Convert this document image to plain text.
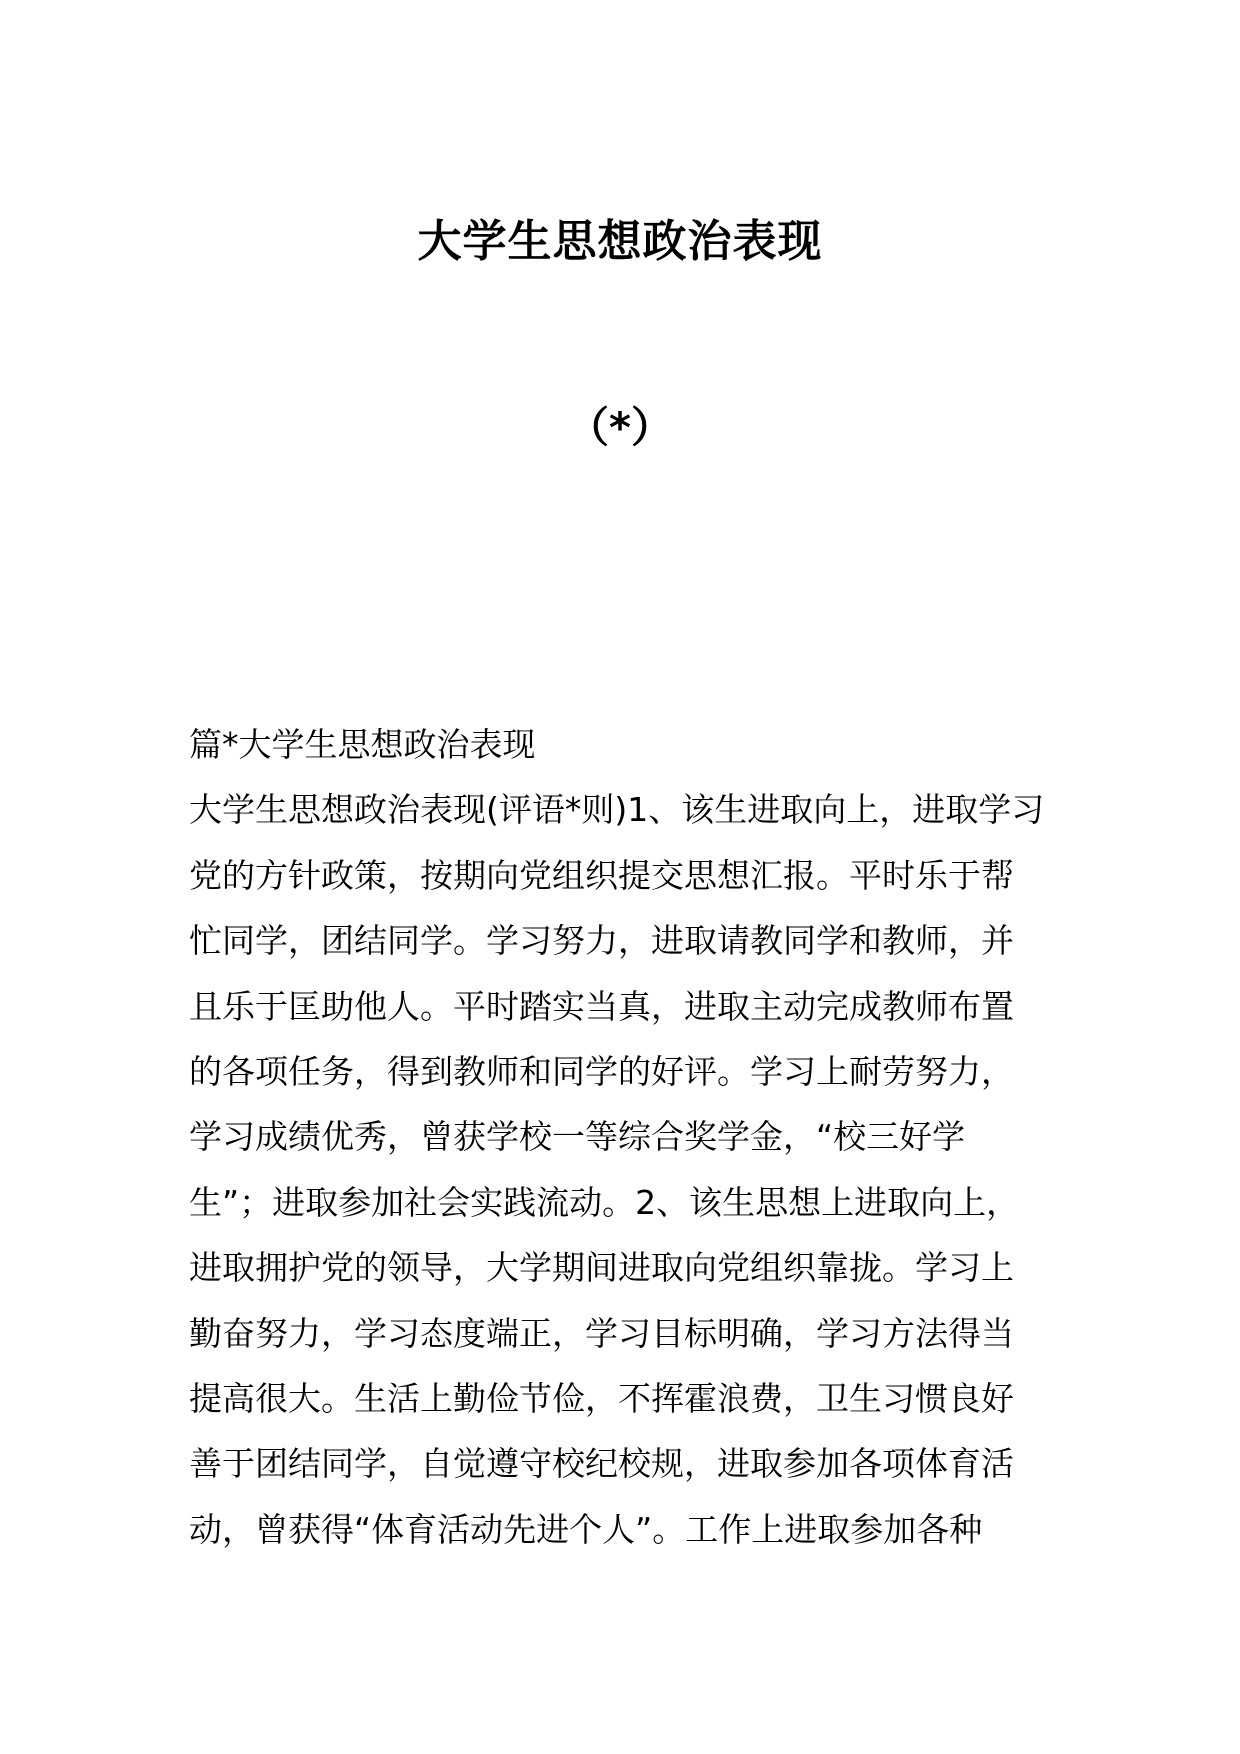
大学生思想政治表现
（*）
篇*大学生思想政治表现
大学生思想政治表现(评语*则)1、该生进取向上，进取学习
党的方针政策，按期向党组织提交思想汇报。平时乐于帮
忙同学，团结同学。学习努力，进取请教同学和教师，并
且乐于匡助他人。平时踏实当真，进取主动完成教师布置
的各项任务，得到教师和同学的好评。学习上耐劳努力，
学习成绩优秀，曾获学校一等综合奖学金，“校三好学
生”；进取参加社会实践流动。2、该生思想上进取向上，
进取拥护党的领导，大学期间进取向党组织靠拢。学习上
勤奋努力，学习态度端正，学习目标明确，学习方法得当
提高很大。生活上勤俭节俭，不挥霍浪费，卫生习惯良好
善于团结同学，自觉遵守校纪校规，进取参加各项体育活
动，曾获得“体育活动先进个人”。工作上进取参加各种
